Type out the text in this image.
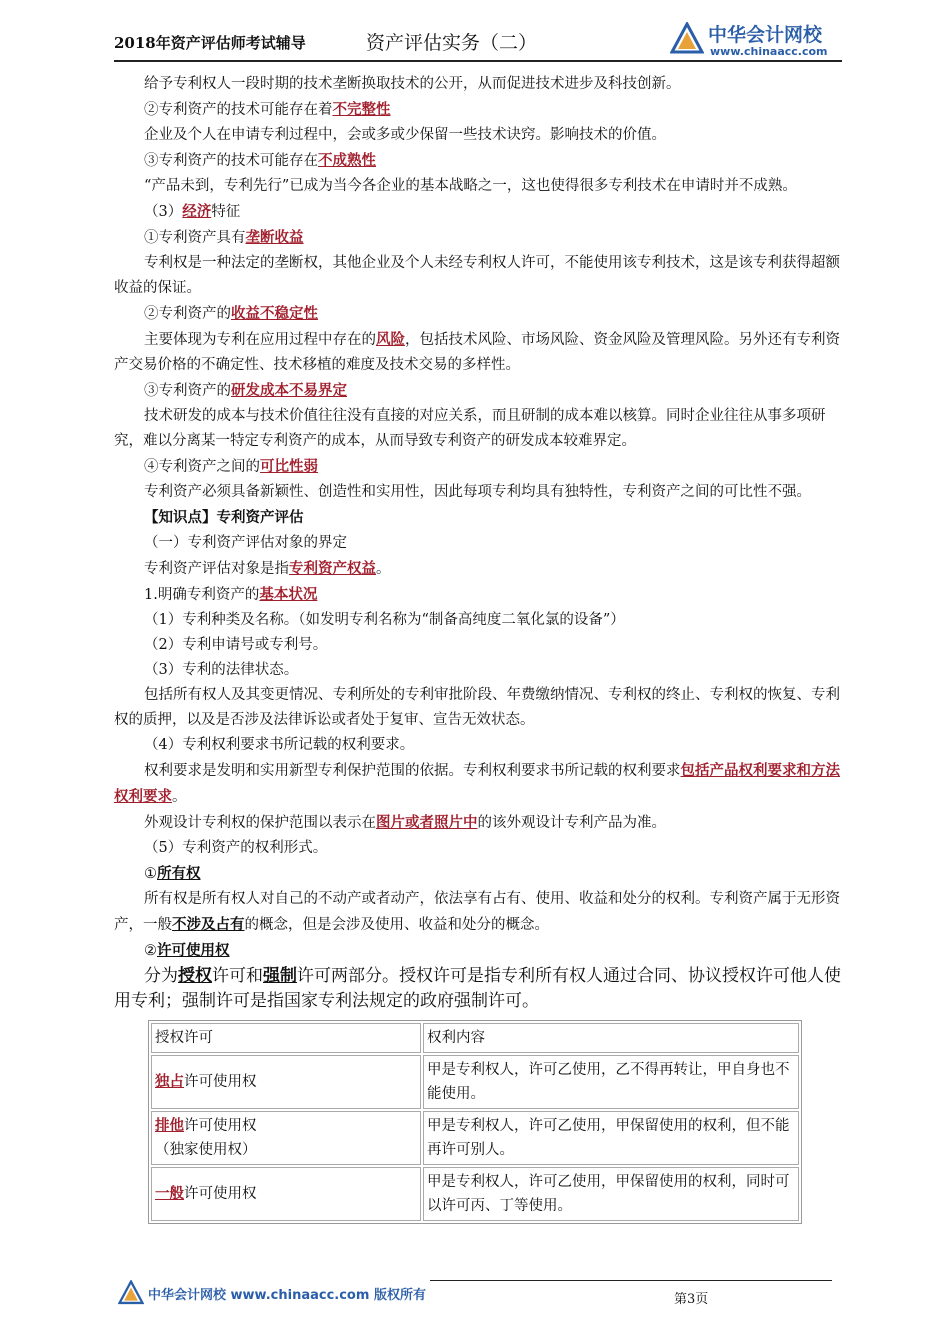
2018年资产评估师考试辅导	资产评估实务（二）	中华会计网校
www.chinaacc.com

给予专利权人一段时期的技术垄断换取技术的公开，从而促进技术进步及科技创新。

②专利资产的技术可能存在着不完整性

企业及个人在申请专利过程中，会或多或少保留一些技术诀窍。影响技术的价值。

③专利资产的技术可能存在不成熟性

“产品未到，专利先行”已成为当今各企业的基本战略之一，这也使得很多专利技术在申请时并不成熟。

（3）经济特征

①专利资产具有垄断收益

专利权是一种法定的垄断权，其他企业及个人未经专利权人许可，不能使用该专利技术，这是该专利获得超额收益的保证。

②专利资产的收益不稳定性

主要体现为专利在应用过程中存在的风险，包括技术风险、市场风险、资金风险及管理风险。另外还有专利资产交易价格的不确定性、技术移植的难度及技术交易的多样性。

③专利资产的研发成本不易界定

技术研发的成本与技术价值往往没有直接的对应关系，而且研制的成本难以核算。同时企业往往从事多项研究，难以分离某一特定专利资产的成本，从而导致专利资产的研发成本较难界定。

④专利资产之间的可比性弱

专利资产必须具备新颖性、创造性和实用性，因此每项专利均具有独特性，专利资产之间的可比性不强。

【知识点】专利资产评估

（一）专利资产评估对象的界定

专利资产评估对象是指专利资产权益。

1.明确专利资产的基本状况

（1）专利种类及名称。（如发明专利名称为“制备高纯度二氧化氯的设备”）

（2）专利申请号或专利号。

（3）专利的法律状态。

包括所有权人及其变更情况、专利所处的专利审批阶段、年费缴纳情况、专利权的终止、专利权的恢复、专利权的质押，以及是否涉及法律诉讼或者处于复审、宣告无效状态。

（4）专利权利要求书所记载的权利要求。

权利要求是发明和实用新型专利保护范围的依据。专利权利要求书所记载的权利要求包括产品权利要求和方法权利要求。

外观设计专利权的保护范围以表示在图片或者照片中的该外观设计专利产品为准。

（5）专利资产的权利形式。

①所有权

所有权是所有权人对自己的不动产或者动产，依法享有占有、使用、收益和处分的权利。专利资产属于无形资产，一般不涉及占有的概念，但是会涉及使用、收益和处分的概念。

②许可使用权

分为授权许可和强制许可两部分。授权许可是指专利所有权人通过合同、协议授权许可他人使用专利；强制许可是指国家专利法规定的政府强制许可。

授权许可	权利内容
独占许可使用权	甲是专利权人，许可乙使用，乙不得再转让，甲自身也不能使用。
排他许可使用权
（独家使用权）	甲是专利权人，许可乙使用，甲保留使用的权利，但不能再许可别人。
一般许可使用权	甲是专利权人，许可乙使用，甲保留使用的权利，同时可以许可丙、丁等使用。
中华会计网校 www.chinaacc.com 版权所有	第3页
